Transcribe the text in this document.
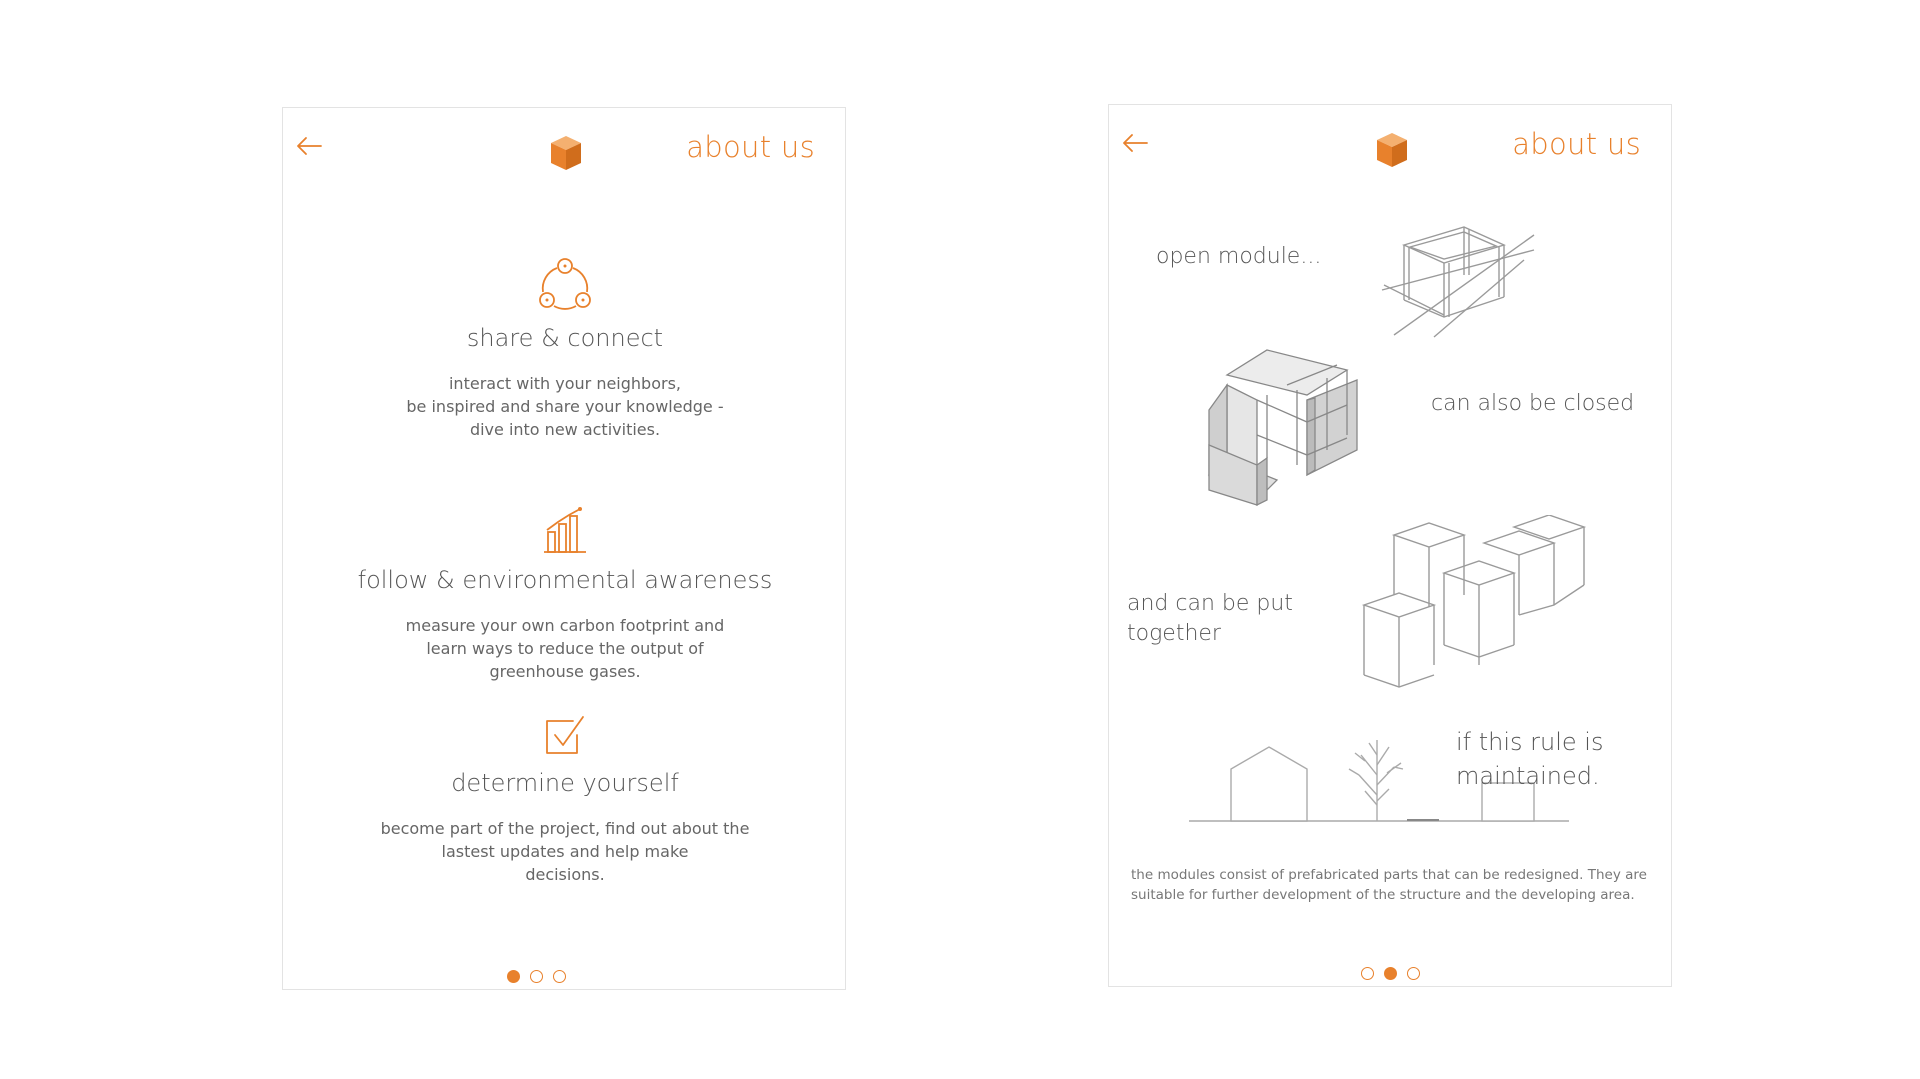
about us
share & connect
interact with your neighbors,
be inspired and share your knowledge -
dive into new activities.
follow & environmental awareness
measure your own carbon footprint and
learn ways to reduce the output of
greenhouse gases.
determine yourself
become part of the project, find out about the
lastest updates and help make
decisions.
about us
open module...
can also be closed
and can be put
together
if this rule is
maintained.
the modules consist of prefabricated parts that can be redesigned. They are suitable for further development of the structure and the developing area.
